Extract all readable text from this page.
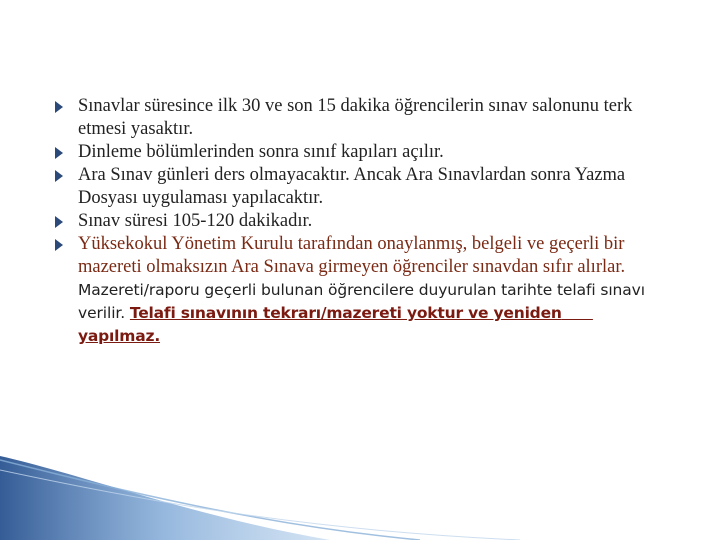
Sınavlar süresince ilk 30 ve son 15 dakika öğrencilerin sınav salonunu terk etmesi yasaktır.
Dinleme bölümlerinden sonra sınıf kapıları açılır.
Ara Sınav günleri ders olmayacaktır. Ancak Ara Sınavlardan sonra Yazma Dosyası uygulaması yapılacaktır.
Sınav süresi 105-120 dakikadır.
Yüksekokul Yönetim Kurulu tarafından onaylanmış, belgeli ve geçerli bir mazereti olmaksızın Ara Sınava girmeyen öğrenciler sınavdan sıfır alırlar. Mazereti/raporu geçerli bulunan öğrencilere duyurulan tarihte telafi sınavı verilir. Telafi sınavının tekrarı/mazereti yoktur ve yeniden      yapılmaz.
